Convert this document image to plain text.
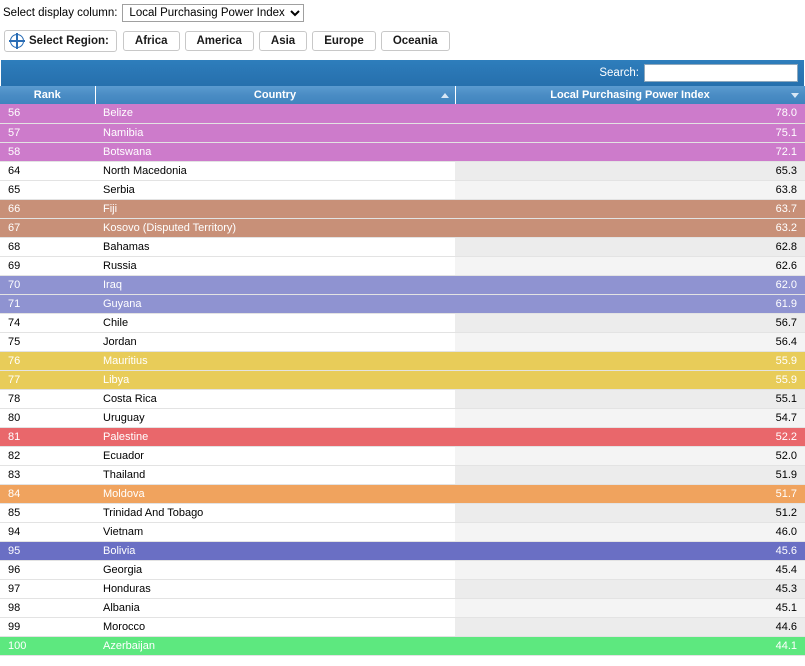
Select display column:
Local Purchasing Power Index
Select Region:	Africa	America	Asia	Europe	Oceania
Search:
Rank	Country	Local Purchasing Power Index

56	Belize	78.0
57	Namibia	75.1
58	Botswana	72.1
64	North Macedonia	65.3
65	Serbia	63.8
66	Fiji	63.7
67	Kosovo (Disputed Territory)	63.2
68	Bahamas	62.8
69	Russia	62.6
70	Iraq	62.0
71	Guyana	61.9
74	Chile	56.7
75	Jordan	56.4
76	Mauritius	55.9
77	Libya	55.9
78	Costa Rica	55.1
80	Uruguay	54.7
81	Palestine	52.2
82	Ecuador	52.0
83	Thailand	51.9
84	Moldova	51.7
85	Trinidad And Tobago	51.2
94	Vietnam	46.0
95	Bolivia	45.6
96	Georgia	45.4
97	Honduras	45.3
98	Albania	45.1
99	Morocco	44.6
100	Azerbaijan	44.1
